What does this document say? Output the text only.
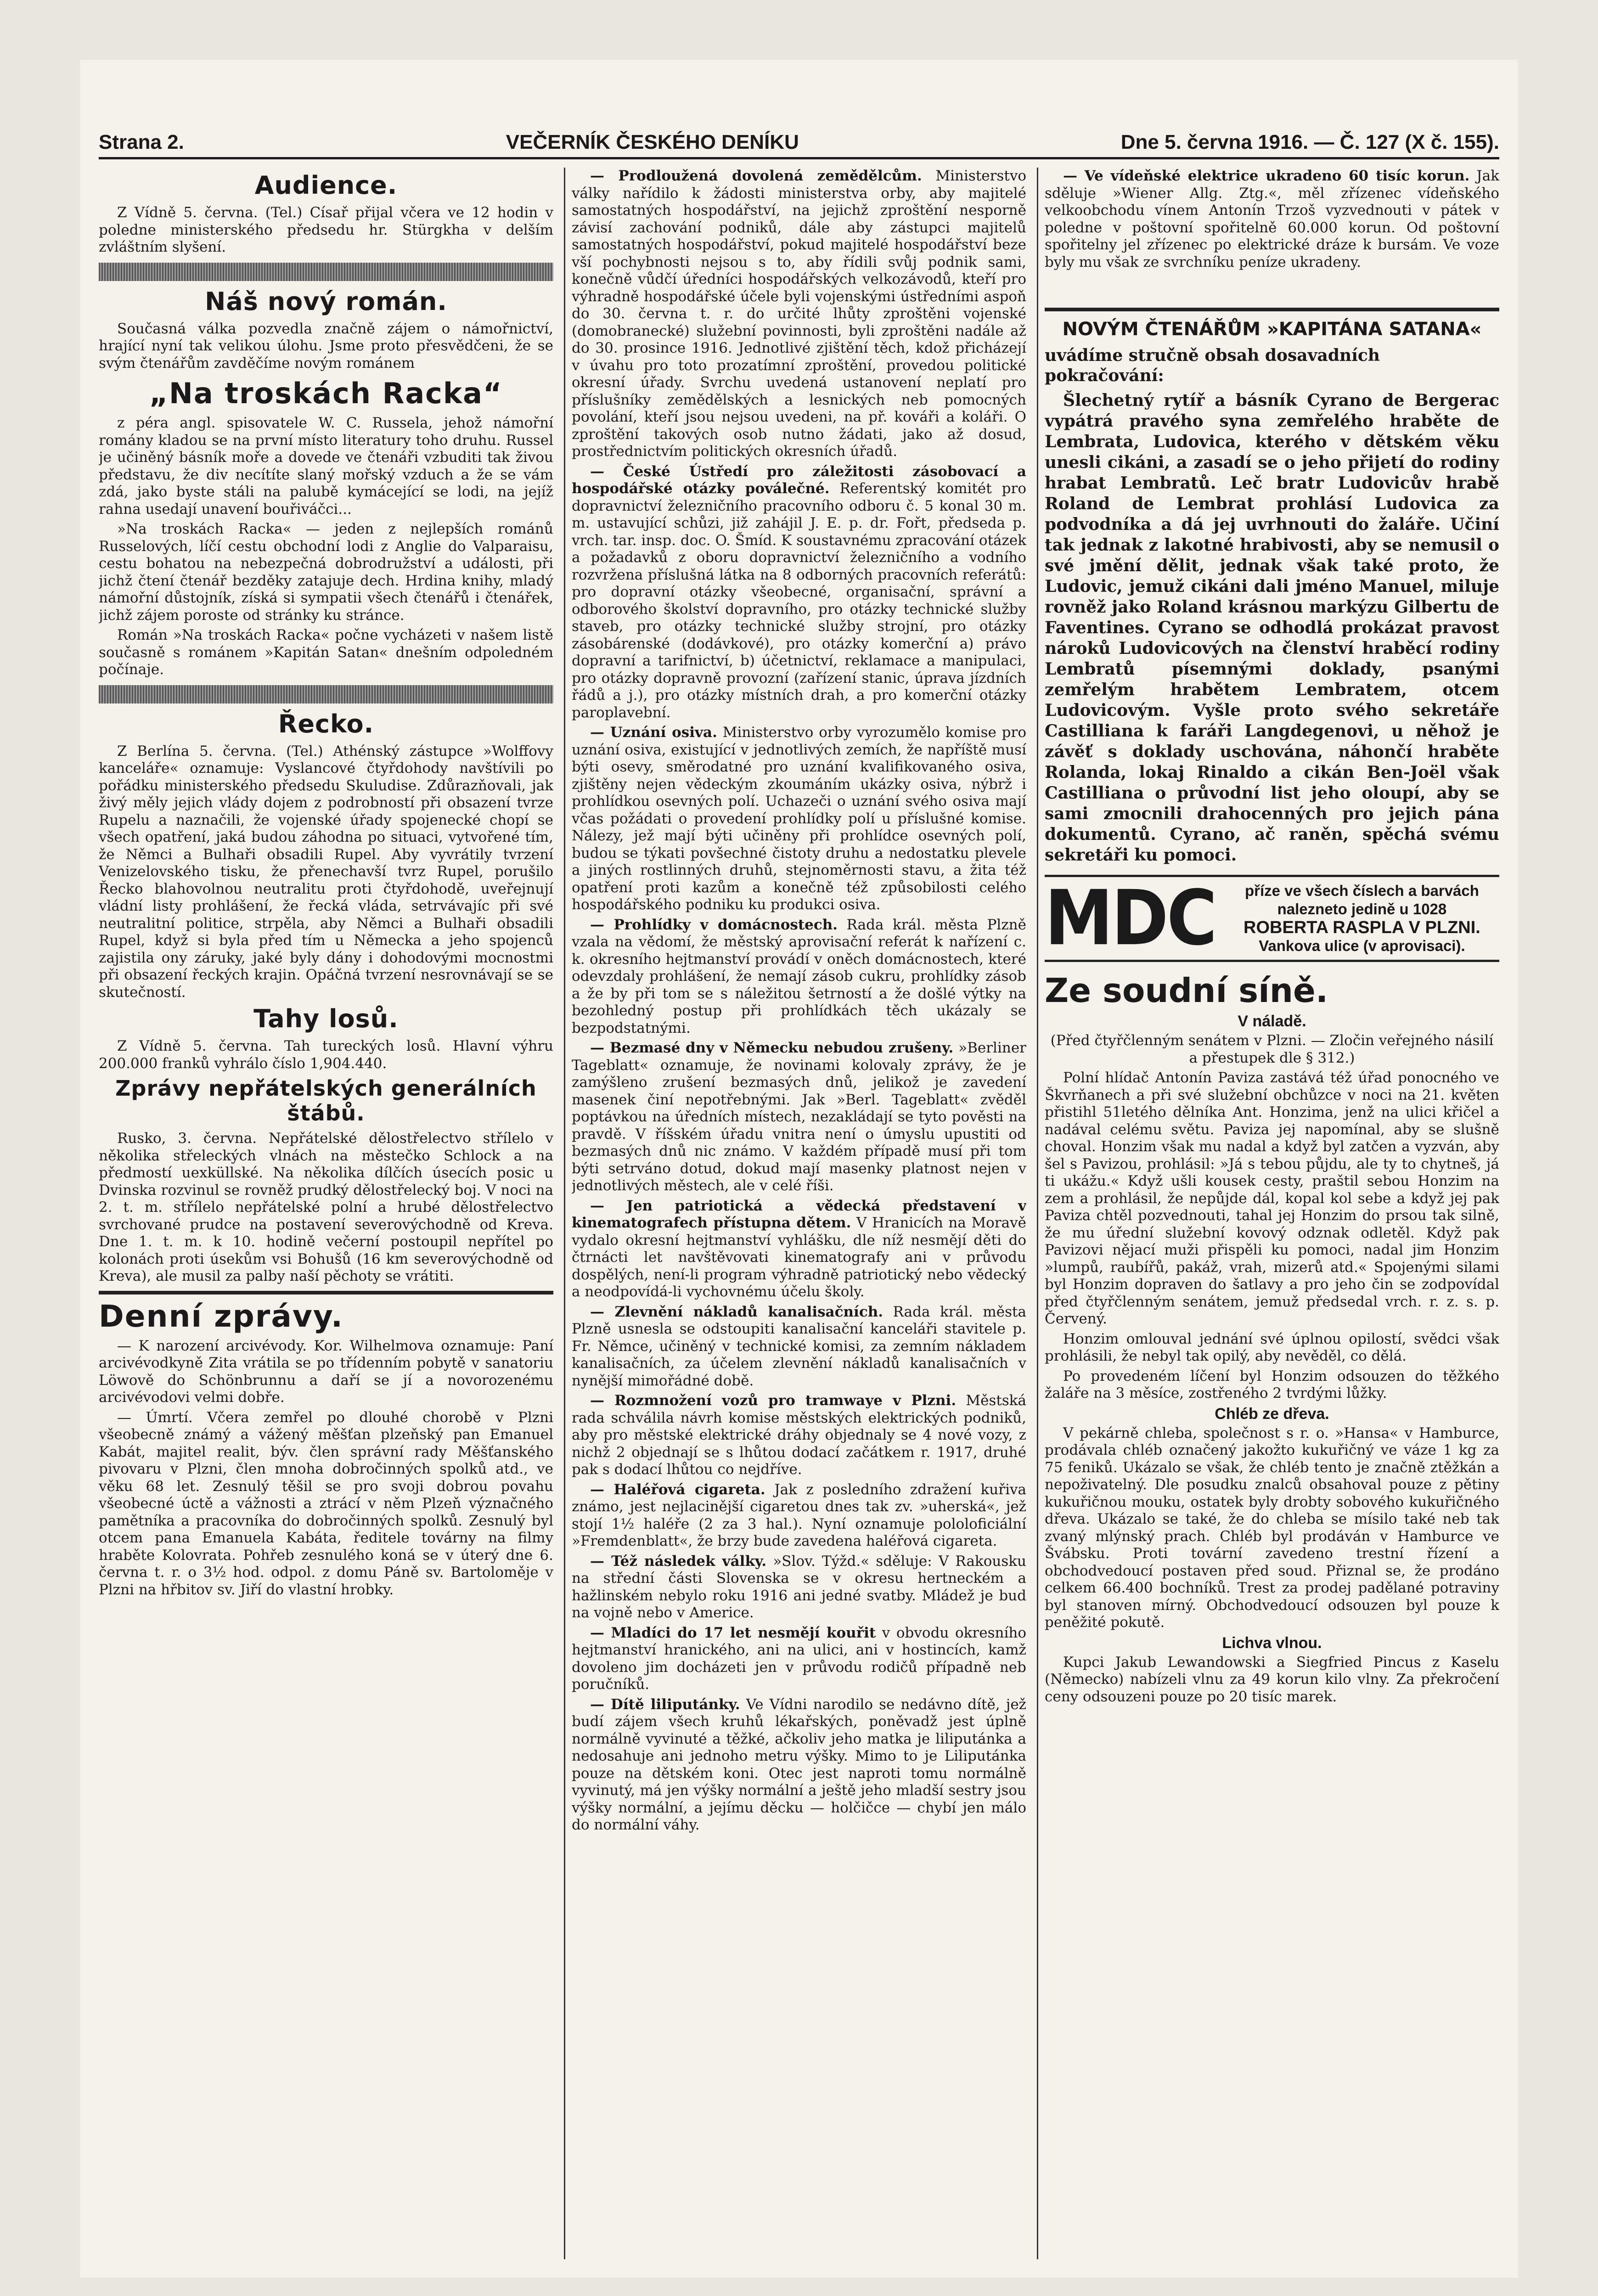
Strana 2.	VEČERNÍK ČESKÉHO DENÍKU	Dne 5. června 1916. — Č. 127 (X č. 155).
Audience.

Z Vídně 5. června. (Tel.) Císař přijal včera ve 12 hodin v poledne ministerského předsedu hr. Stürgkha v delším zvláštním slyšení.

Náš nový román.

Současná válka pozvedla značně zájem o námořnictví, hrající nyní tak velikou úlohu. Jsme proto přesvědčeni, že se svým čtenářům zavděčíme novým románem

„Na troskách Racka“

z péra angl. spisovatele W. C. Russela, jehož námořní romány kladou se na první místo literatury toho druhu. Russel je učiněný básník moře a dovede ve čtenáři vzbuditi tak živou představu, že div necítíte slaný mořský vzduch a že se vám zdá, jako byste stáli na palubě kymácející se lodi, na jejíž rahna usedají unavení bouřiváčci...

»Na troskách Racka« — jeden z nejlepších románů Russelových, líčí cestu obchodní lodi z Anglie do Valparaisu, cestu bohatou na nebezpečná dobrodružství a události, při jichž čtení čtenář bezděky zatajuje dech. Hrdina knihy, mladý námořní důstojník, získá si sympatii všech čtenářů i čtenářek, jichž zájem poroste od stránky ku stránce.

Román »Na troskách Racka« počne vycházeti v našem listě současně s románem »Kapitán Satan« dnešním odpoledném počínaje.

Řecko.

Z Berlína 5. června. (Tel.) Athénský zástupce »Wolffovy kanceláře« oznamuje: Vyslancové čtyřdohody navštívili po pořádku ministerského předsedu Skuludise. Zdůrazňovali, jak živý měly jejich vlády dojem z podrobností při obsazení tvrze Rupelu a naznačili, že vojenské úřady spojenecké chopí se všech opatření, jaká budou záhodna po situaci, vytvořené tím, že Němci a Bulhaři obsadili Rupel. Aby vyvrátily tvrzení Venizelovského tisku, že přenechavší tvrz Rupel, porušilo Řecko blahovolnou neutralitu proti čtyřdohodě, uveřejnují vládní listy prohlášení, že řecká vláda, setrvávajíc při své neutralitní politice, strpěla, aby Němci a Bulhaři obsadili Rupel, když si byla před tím u Německa a jeho spojenců zajistila ony záruky, jaké byly dány i dohodovými mocnostmi při obsazení řeckých krajin. Opáčná tvrzení nesrovnávají se se skutečností.

Tahy losů.

Z Vídně 5. června. Tah tureckých losů. Hlavní výhru 200.000 franků vyhrálo číslo 1,904.440.

Zprávy nepřátelských generálních štábů.

Rusko, 3. června. Nepřátelské dělostřelectvo střílelo v několika střeleckých vlnách na městečko Schlock a na předmostí uexküllské. Na několika dílčích úsecích posic u Dvinska rozvinul se rovněž prudký dělostřelecký boj. V noci na 2. t. m. střílelo nepřátelské polní a hrubé dělostřelectvo svrchované prudce na postavení severovýchodně od Kreva. Dne 1. t. m. k 10. hodině večerní postoupil nepřítel po kolonách proti úsekům vsi Bohušů (16 km severovýchodně od Kreva), ale musil za palby naší pěchoty se vrátiti.

Denní zprávy.

— K narození arcivévody. Kor. Wilhelmova oznamuje: Paní arcivévodkyně Zita vrátila se po třídenním pobytě v sanatoriu Löwově do Schönbrunnu a daří se jí a novorozenému arcivévodovi velmi dobře.

— Úmrtí. Včera zemřel po dlouhé chorobě v Plzni všeobecně známý a vážený měšťan plzeňský pan Emanuel Kabát, majitel realit, býv. člen správní rady Měšťanského pivovaru v Plzni, člen mnoha dobročinných spolků atd., ve věku 68 let. Zesnulý těšil se pro svoji dobrou povahu všeobecné úctě a vážnosti a ztrácí v něm Plzeň význačného pamětníka a pracovníka do dobročinných spolků. Zesnulý byl otcem pana Emanuela Kabáta, ředitele továrny na filmy hraběte Kolovrata. Pohřeb zesnulého koná se v úterý dne 6. června t. r. o 3½ hod. odpol. z domu Páně sv. Bartoloměje v Plzni na hřbitov sv. Jiří do vlastní hrobky.

— Prodloužená dovolená zemědělcům. Ministerstvo války nařídilo k žádosti ministerstva orby, aby majitelé samostatných hospodářství, na jejichž zproštění nesporně závisí zachování podniků, dále aby zástupci majitelů samostatných hospodářství, pokud majitelé hospodářství beze vší pochybnosti nejsou s to, aby řídili svůj podnik sami, konečně vůdčí úředníci hospodářských velkozávodů, kteří pro výhradně hospodářské účele byli vojenskými ústředními aspoň do 30. června t. r. do určité lhůty zproštěni vojenské (domobranecké) služební povinnosti, byli zproštěni nadále až do 30. prosince 1916. Jednotlivé zjištění těch, kdož přicházejí v úvahu pro toto prozatímní zproštění, provedou politické okresní úřady. Svrchu uvedená ustanovení neplatí pro příslušníky zemědělských a lesnických neb pomocných povolání, kteří jsou nejsou uvedeni, na př. kováři a koláři. O zproštění takových osob nutno žádati, jako až dosud, prostřednictvím politických okresních úřadů.

— České Ústředí pro záležitosti zásobovací a hospodářské otázky poválečné. Referentský komitét pro dopravnictví železničního pracovního odboru č. 5 konal 30 m. m. ustavující schůzi, již zahájil J. E. p. dr. Fořt, předseda p. vrch. tar. insp. doc. O. Šmíd. K soustavnému zpracování otázek a požadavků z oboru dopravnictví železničního a vodního rozvržena příslušná látka na 8 odborných pracovních referátů: pro dopravní otázky všeobecné, organisační, správní a odborového školství dopravního, pro otázky technické služby staveb, pro otázky technické služby strojní, pro otázky zásobárenské (dodávkové), pro otázky komerční a) právo dopravní a tarifnictví, b) účetnictví, reklamace a manipulaci, pro otázky dopravně provozní (zařízení stanic, úprava jízdních řádů a j.), pro otázky místních drah, a pro komerční otázky paroplavební.

— Uznání osiva. Ministerstvo orby vyrozumělo komise pro uznání osiva, existující v jednotlivých zemích, že napříště musí býti osevy, směrodatné pro uznání kvalifikovaného osiva, zjištěny nejen vědeckým zkoumáním ukázky osiva, nýbrž i prohlídkou osevných polí. Uchazeči o uznání svého osiva mají včas požádati o provedení prohlídky polí u příslušné komise. Nálezy, jež mají býti učiněny při prohlídce osevných polí, budou se týkati povšechné čistoty druhu a nedostatku plevele a jiných rostlinných druhů, stejnoměrnosti stavu, a žita též opatření proti kazům a konečně též způsobilosti celého hospodářského podniku ku produkci osiva.

— Prohlídky v domácnostech. Rada král. města Plzně vzala na vědomí, že městský aprovisační referát k nařízení c. k. okresního hejtmanství provádí v oněch domácnostech, které odevzdaly prohlášení, že nemají zásob cukru, prohlídky zásob a že by při tom se s náležitou šetrností a že došlé výtky na bezohledný postup při prohlídkách těch ukázaly se bezpodstatnými.

— Bezmasé dny v Německu nebudou zrušeny. »Berliner Tageblatt« oznamuje, že novinami kolovaly zprávy, že je zamýšleno zrušení bezmasých dnů, jelikož je zavedení masenek činí nepotřebnými. Jak »Berl. Tageblatt« zvěděl poptávkou na úředních místech, nezakládají se tyto pověsti na pravdě. V říšském úřadu vnitra není o úmyslu upustiti od bezmasých dnů nic známo. V každém případě musí při tom býti setrváno dotud, dokud mají masenky platnost nejen v jednotlivých městech, ale v celé říši.

— Jen patriotická a vědecká představení v kinematografech přístupna dětem. V Hranicích na Moravě vydalo okresní hejtmanství vyhlášku, dle níž nesmějí děti do čtrnácti let navštěvovati kinematografy ani v průvodu dospělých, není-li program výhradně patriotický nebo vědecký a neodpovídá-li vychovnému účelu školy.

— Zlevnění nákladů kanalisačních. Rada král. města Plzně usnesla se odstoupiti kanalisační kanceláři stavitele p. Fr. Němce, učiněný v technické komisi, za zemním nákladem kanalisačních, za účelem zlevnění nákladů kanalisačních v nynější mimořádné době.

— Rozmnožení vozů pro tramwaye v Plzni. Městská rada schválila návrh komise městských elektrických podniků, aby pro městské elektrické dráhy objednaly se 4 nové vozy, z nichž 2 objednají se s lhůtou dodací začátkem r. 1917, druhé pak s dodací lhůtou co nejdříve.

— Haléřová cigareta. Jak z posledního zdražení kuřiva známo, jest nejlacinější cigaretou dnes tak zv. »uherská«, jež stojí 1½ haléře (2 za 3 hal.). Nyní oznamuje pololoficiální »Fremdenblatt«, že brzy bude zavedena haléřová cigareta.

— Též následek války. »Slov. Týžd.« sděluje: V Rakousku na střední části Slovenska se v okresu hertneckém a hažlinském nebylo roku 1916 ani jedné svatby. Mládež je bud na vojně nebo v Americe.

— Mladíci do 17 let nesmějí kouřit v obvodu okresního hejtmanství hranického, ani na ulici, ani v hostincích, kamž dovoleno jim docházeti jen v průvodu rodičů případně neb poručníků.

— Dítě liliputánky. Ve Vídni narodilo se nedávno dítě, jež budí zájem všech kruhů lékařských, poněvadž jest úplně normálně vyvinuté a těžké, ačkoliv jeho matka je liliputánka a nedosahuje ani jednoho metru výšky. Mimo to je Liliputánka pouze na dětském koni. Otec jest naproti tomu normálně vyvinutý, má jen výšky normální a ještě jeho mladší sestry jsou výšky normální, a jejímu děcku — holčičce — chybí jen málo do normální váhy.

— Ve vídeňské elektrice ukradeno 60 tisíc korun. Jak sděluje »Wiener Allg. Ztg.«, měl zřízenec vídeňského velkoobchodu vínem Antonín Trzoš vyzvednouti v pátek v poledne v poštovní spořitelně 60.000 korun. Od poštovní spořitelny jel zřízenec po elektrické dráze k bursám. Ve voze byly mu však ze svrchníku peníze ukradeny.

NOVÝM ČTENÁŘŮM »KAPITÁNA SATANA«
uvádíme stručně obsah dosavadních pokračování:

Šlechetný rytíř a básník Cyrano de Bergerac vypátrá pravého syna zemřelého hraběte de Lembrata, Ludovica, kterého v dětském věku unesli cikáni, a zasadí se o jeho přijetí do rodiny hrabat Lembratů. Leč bratr Ludovicův hrabě Roland de Lembrat prohlásí Ludovica za podvodníka a dá jej uvrhnouti do žaláře. Učiní tak jednak z lakotné hrabivosti, aby se nemusil o své jmění dělit, jednak však také proto, že Ludovic, jemuž cikáni dali jméno Manuel, miluje rovněž jako Roland krásnou markýzu Gilbertu de Faventines. Cyrano se odhodlá prokázat pravost nároků Ludovicových na členství hraběcí rodiny Lembratů písemnými doklady, psanými zemřelým hrabětem Lembratem, otcem Ludovicovým. Vyšle proto svého sekretáře Castilliana k faráři Langdegenovi, u něhož je závěť s doklady uschována, náhončí hraběte Rolanda, lokaj Rinaldo a cikán Ben-Joël však Castilliana o průvodní list jeho oloupí, aby se sami zmocnili drahocenných pro jejich pána dokumentů. Cyrano, ač raněn, spěchá svému sekretáři ku pomoci.

MDC	příze ve všech číslech a barvách
nalezneto jedině u 1028
ROBERTA RASPLA V PLZNI.
Vankova ulice (v aprovisaci).
Ze soudní síně.
V náladě.

(Před čtyřčlenným senátem v Plzni. — Zločin veřejného násilí a přestupek dle § 312.)

Polní hlídač Antonín Paviza zastává též úřad ponocného ve Škvrňanech a při své služební obchůzce v noci na 21. květen přistihl 51letého dělníka Ant. Honzima, jenž na ulici křičel a nadával celému světu. Paviza jej napomínal, aby se slušně choval. Honzim však mu nadal a když byl zatčen a vyzván, aby šel s Pavizou, prohlásil: »Já s tebou půjdu, ale ty to chytneš, já ti ukážu.« Když ušli kousek cesty, praštil sebou Honzim na zem a prohlásil, že nepůjde dál, kopal kol sebe a když jej pak Paviza chtěl pozvednouti, tahal jej Honzim do prsou tak silně, že mu úřední služební kovový odznak odletěl. Když pak Pavizovi nějací muži přispěli ku pomoci, nadal jim Honzim »lumpů, raubířů, pakáž, vrah, mizerů atd.« Spojenými silami byl Honzim dopraven do šatlavy a pro jeho čin se zodpovídal před čtyřčlenným senátem, jemuž předsedal vrch. r. z. s. p. Červený.

Honzim omlouval jednání své úplnou opilostí, svědci však prohlásili, že nebyl tak opilý, aby nevěděl, co dělá.

Po provedeném líčení byl Honzim odsouzen do těžkého žaláře na 3 měsíce, zostřeného 2 tvrdými lůžky.

Chléb ze dřeva.

V pekárně chleba, společnost s r. o. »Hansa« v Hamburce, prodávala chléb označený jakožto kukuřičný ve váze 1 kg za 75 feniků. Ukázalo se však, že chléb tento je značně ztěžkán a nepoživatelný. Dle posudku znalců obsahoval pouze z pětiny kukuřičnou mouku, ostatek byly drobty sobového kukuřičného dřeva. Ukázalo se také, že do chleba se mísilo také neb tak zvaný mlýnský prach. Chléb byl prodáván v Hamburce ve Švábsku. Proti tovární zavedeno trestní řízení a obchodvedoucí postaven před soud. Přiznal se, že prodáno celkem 66.400 bochníků. Trest za prodej padělané potraviny byl stanoven mírný. Obchodvedoucí odsouzen byl pouze k peněžité pokutě.

Lichva vlnou.

Kupci Jakub Lewandowski a Siegfried Pincus z Kaselu (Německo) nabízeli vlnu za 49 korun kilo vlny. Za překročení ceny odsouzeni pouze po 20 tisíc marek.
